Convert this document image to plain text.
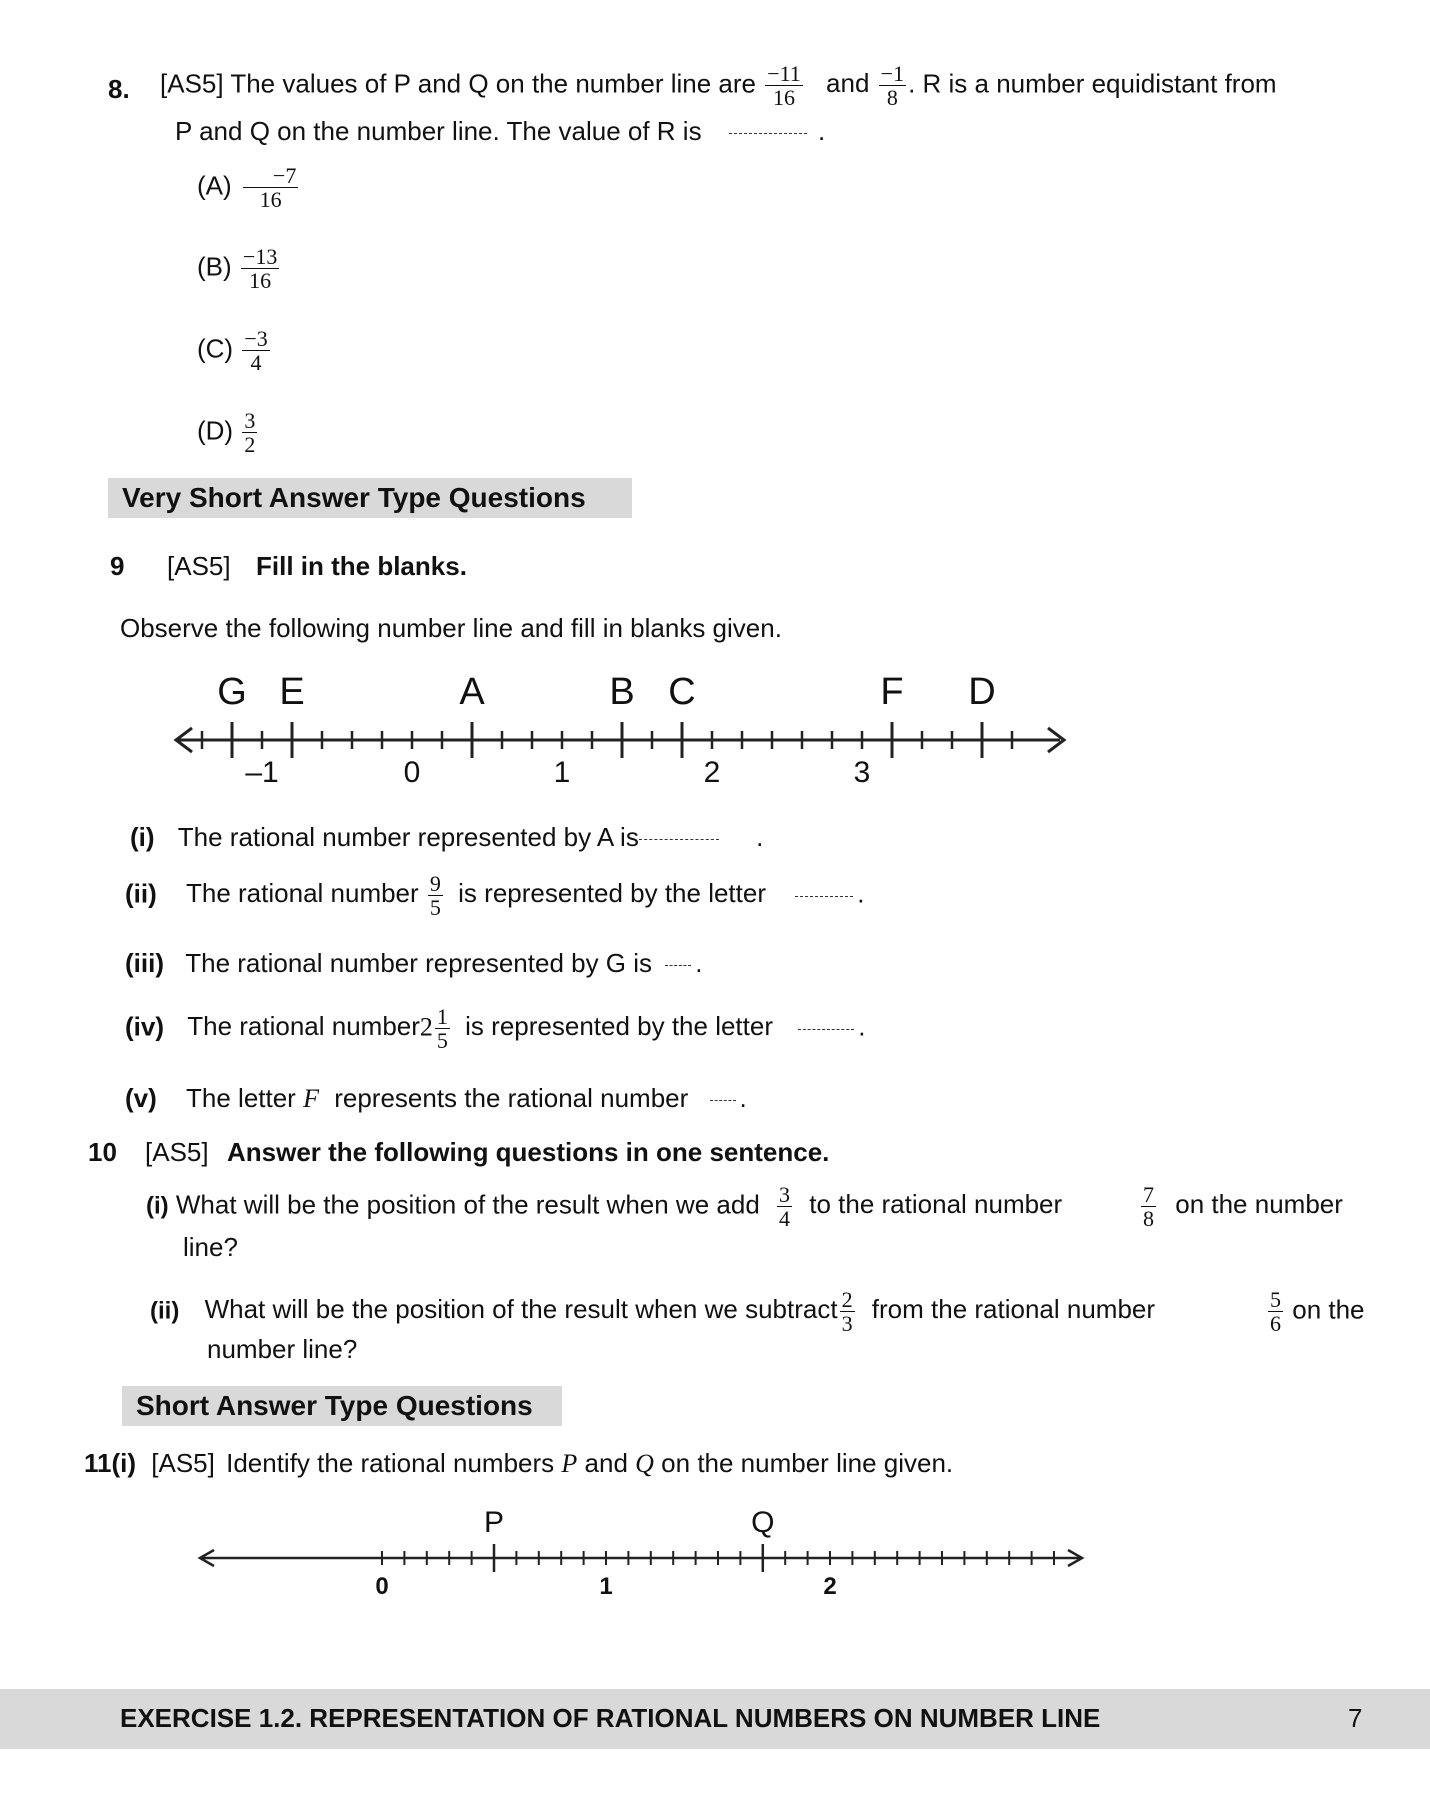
8. [AS5] The values of P and Q on the number line are $\frac{-11}{16}$ and $\frac{-1}{8}$ . R is a number equidistant from
P and Q on the number line. The value of R is	.
$(A) \frac{-7}{16}$
$(B) \frac{-13}{16}$
$(C) \frac{-3}{4}$
$(D) \frac{3}{2}$
Very Short Answer Type Questions
9 [AS5] Fill in the blanks.
Observe the following number line and fill in blanks given.
G E	A	B C	F D
–1	0	1	2	3
(i) The rational number represented by A is	.
(ii) The rational number $\frac{9}{5}$ is represented by the letter	.
(iii) The rational number represented by G is .
(iv) The rational number2 $\frac{1}{5}$ is represented by the letter	.
(v) The letter F represents the rational number .
10 [AS5] Answer the following questions in one sentence.
(i) What will be the position of the result when we add $\frac{3}{4}$ to the rational number	$\frac{7}{8}$ on the number
line?
(ii) What will be the position of the result when we subtract $\frac{2}{3}$ from the rational number	$\frac{5}{6}$ on the
number line?
Short Answer Type Questions
11(i) [AS5] Identify the rational numbers P and Q on the number line given.
P	Q
0	1	2
EXERCISE 1.2. REPRESENTATION OF RATIONAL NUMBERS ON NUMBER LINE	7
